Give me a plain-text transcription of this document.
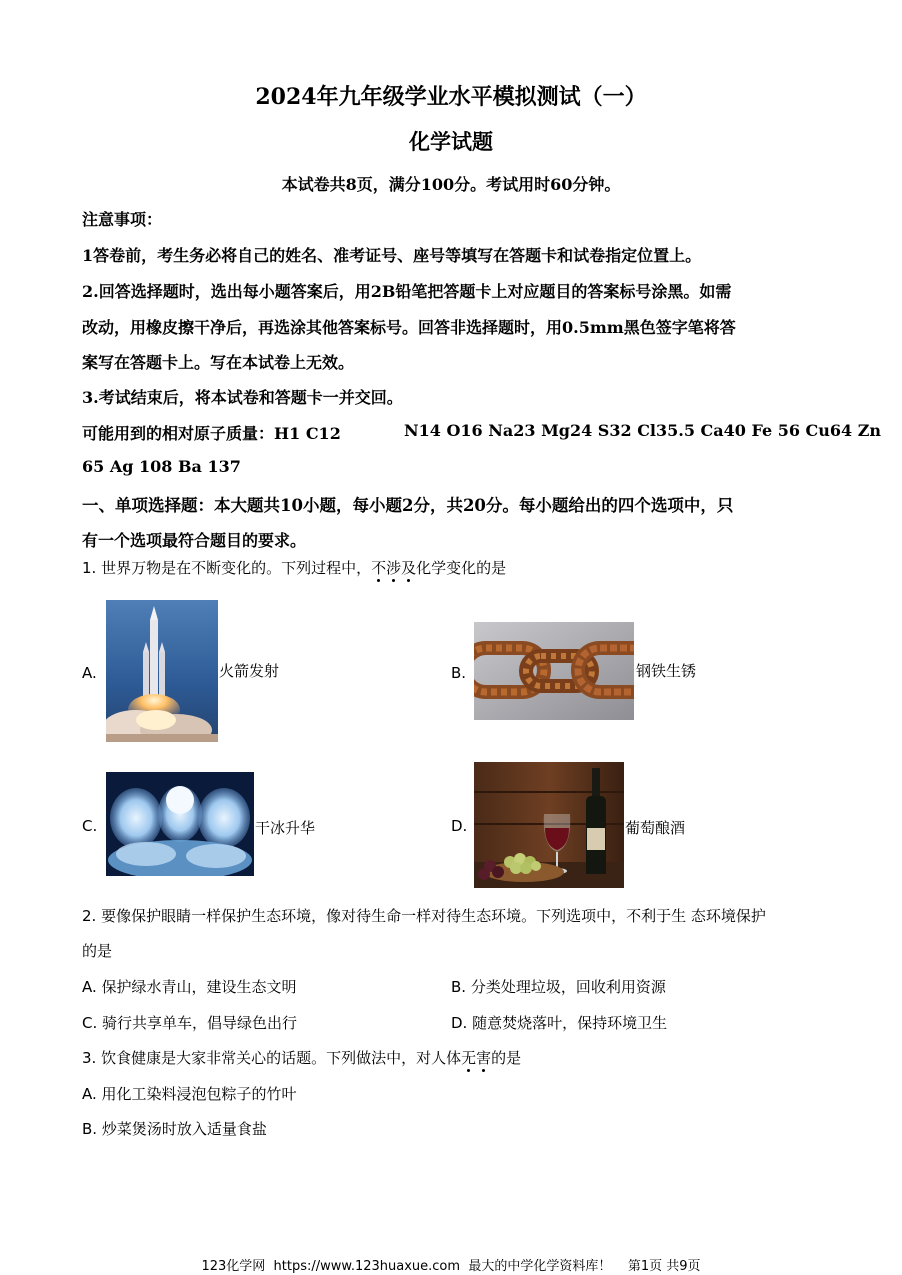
2024年九年级学业水平模拟测试（一）
化学试题
本试卷共8页，满分100分。考试用时60分钟。
注意事项：
1答卷前，考生务必将自己的姓名、准考证号、座号等填写在答题卡和试卷指定位置上。
2.回答选择题时，选出每小题答案后，用2B铅笔把答题卡上对应题目的答案标号涂黑。如需
改动，用橡皮擦干净后，再选涂其他答案标号。回答非选择题时，用0.5mm黑色签字笔将答
案写在答题卡上。写在本试卷上无效。
3.考试结束后，将本试卷和答题卡一并交回。
可能用到的相对原子质量：H1 C12	N14 O16 Na23 Mg24 S32 Cl35.5 Ca40 Fe 56 Cu64 Zn
65 Ag 108 Ba 137
一、单项选择题：本大题共10小题，每小题2分，共20分。每小题给出的四个选项中，只
有一个选项最符合题目的要求。
1. 世界万物是在不断变化的。下列过程中，不涉及化学变化的是
A.	火箭发射	B.	钢铁生锈
C.	干冰升华	D.	葡萄酿酒
2. 要像保护眼睛一样保护生态环境，像对待生命一样对待生态环境。下列选项中，不利于生 态环境保护
的是
A. 保护绿水青山，建设生态文明	B. 分类处理垃圾，回收利用资源
C. 骑行共享单车，倡导绿色出行	D. 随意焚烧落叶，保持环境卫生
3. 饮食健康是大家非常关心的话题。下列做法中，对人体无害的是
A. 用化工染料浸泡包粽子的竹叶
B. 炒菜煲汤时放入适量食盐
123化学网 https://www.123huaxue.com 最大的中学化学资料库！ 第1页 共9页
